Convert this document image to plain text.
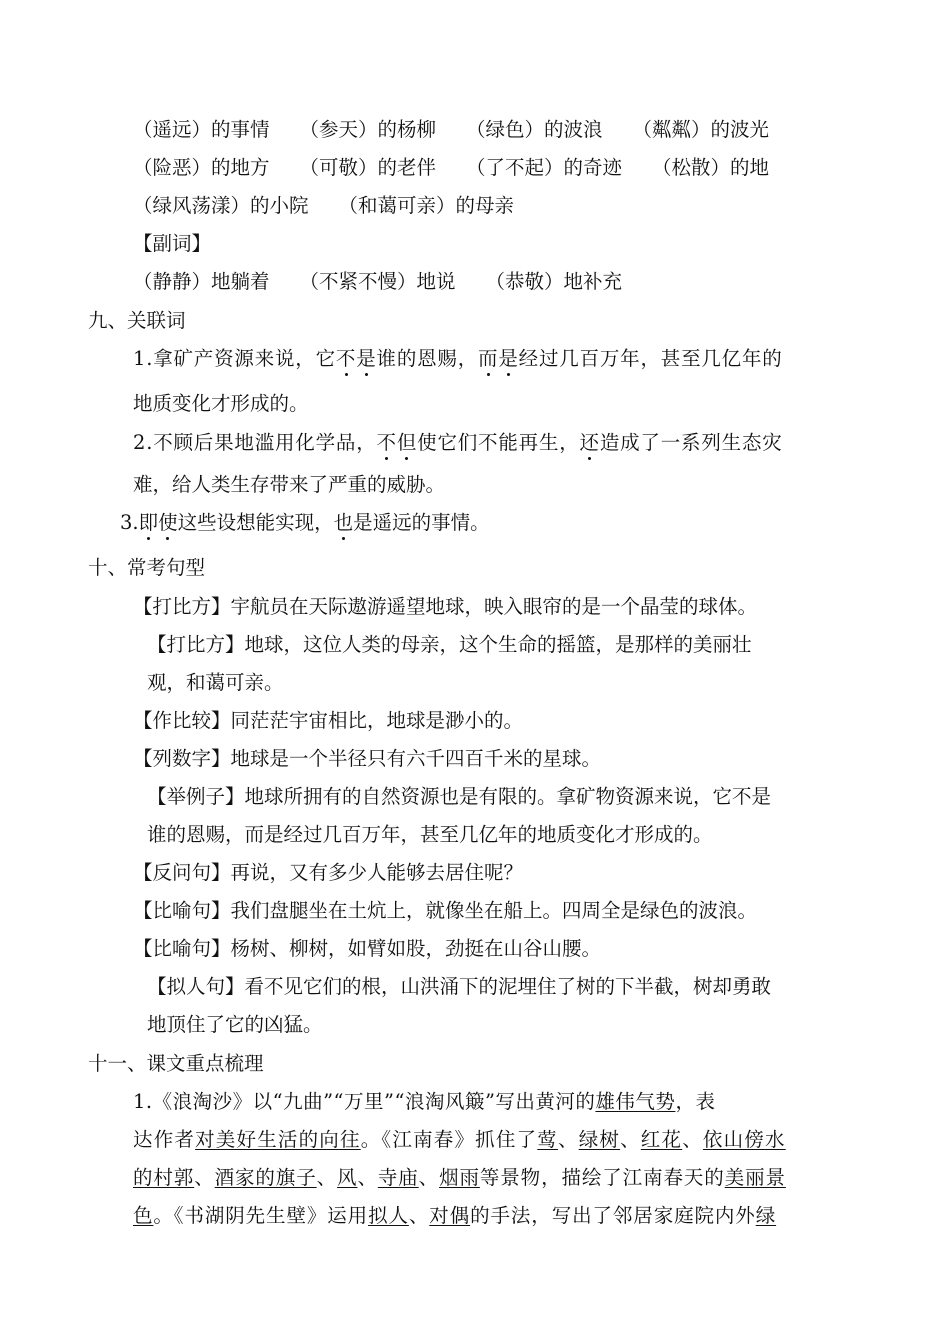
（遥远）的事情 （参天）的杨柳 （绿色）的波浪 （粼粼）的波光
（险恶）的地方 （可敬）的老伴 （了不起）的奇迹 （松散）的地
（绿风荡漾）的小院 （和蔼可亲）的母亲
【副词】
（静静）地躺着 （不紧不慢）地说 （恭敬）地补充
九、关联词
1.拿矿产资源来说，它不是谁的恩赐，而是经过几百万年，甚至几亿年的
地质变化才形成的。
2.不顾后果地滥用化学品，不但使它们不能再生，还造成了一系列生态灾
难，给人类生存带来了严重的威胁。
3.即使这些设想能实现，也是遥远的事情。
十、常考句型
【打比方】宇航员在天际遨游遥望地球，映入眼帘的是一个晶莹的球体。
【打比方】地球，这位人类的母亲，这个生命的摇篮，是那样的美丽壮
观，和蔼可亲。
【作比较】同茫茫宇宙相比，地球是渺小的。
【列数字】地球是一个半径只有六千四百千米的星球。
【举例子】地球所拥有的自然资源也是有限的。拿矿物资源来说，它不是
谁的恩赐，而是经过几百万年，甚至几亿年的地质变化才形成的。
【反问句】再说，又有多少人能够去居住呢？
【比喻句】我们盘腿坐在土炕上，就像坐在船上。四周全是绿色的波浪。
【比喻句】杨树、柳树，如臂如股，劲挺在山谷山腰。
【拟人句】看不见它们的根，山洪涌下的泥埋住了树的下半截，树却勇敢
地顶住了它的凶猛。
十一、课文重点梳理
1.《浪淘沙》以“九曲”“万里”“浪淘风簸”写出黄河的雄伟气势，表
达作者对美好生活的向往。《江南春》抓住了莺、绿树、红花、依山傍水
的村郭、酒家的旗子、风、寺庙、烟雨等景物，描绘了江南春天的美丽景
色。《书湖阴先生壁》运用拟人、对偶的手法，写出了邻居家庭院内外绿
